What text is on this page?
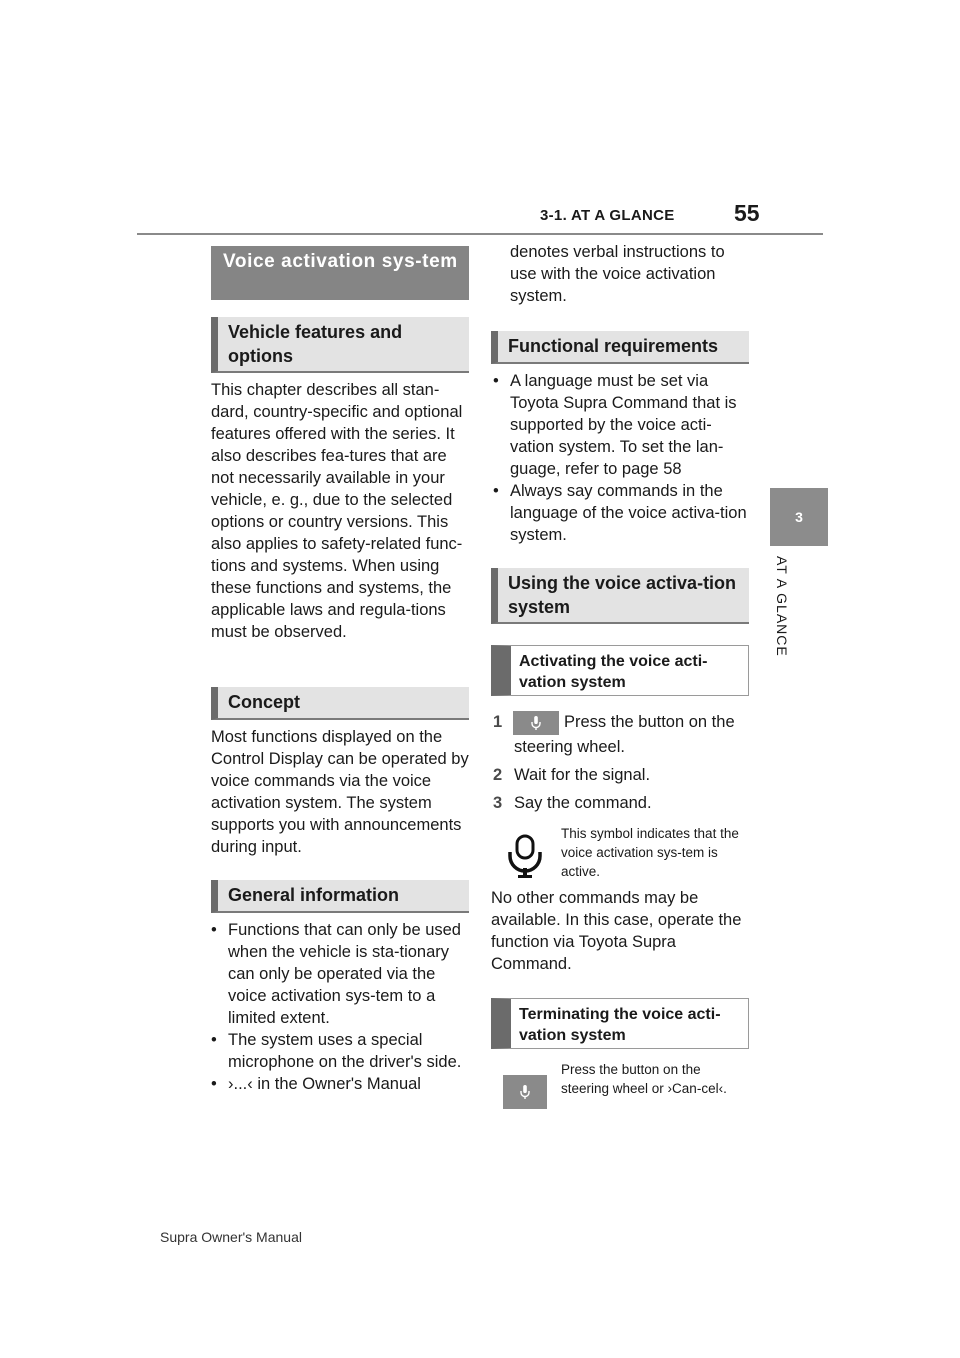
3-1. AT A GLANCE	55
3
AT A GLANCE
Voice activation sys-tem
Vehicle features and options

This chapter describes all stan-dard, country-specific and optional features offered with the series. It also describes fea-tures that are not necessarily available in your vehicle, e. g., due to the selected options or country versions. This also applies to safety-related func-tions and systems. When using these functions and systems, the applicable laws and regula-tions must be observed.

Concept

Most functions displayed on the Control Display can be operated by voice commands via the voice activation system. The system supports you with announcements during input.

General information
• Functions that can only be used when the vehicle is sta-tionary can only be operated via the voice activation sys-tem to a limited extent.
• The system uses a special microphone on the driver's side.
• ›...‹ in the Owner's Manual

denotes verbal instructions to use with the voice activation system.

Functional requirements
• A language must be set via Toyota Supra Command that is supported by the voice acti-vation system. To set the lan-guage, refer to page 58
• Always say commands in the language of the voice activa-tion system.
Using the voice activa-tion system
Activating the voice acti-vation system
1	Press the button on the
steering wheel.
2 Wait for the signal.
3 Say the command.
This symbol indicates that the voice activation sys-tem is active.

No other commands may be available. In this case, operate the function via Toyota Supra Command.

Terminating the voice acti-vation system
Press the button on the steering wheel or ›Can-cel‹.
Supra Owner's Manual
